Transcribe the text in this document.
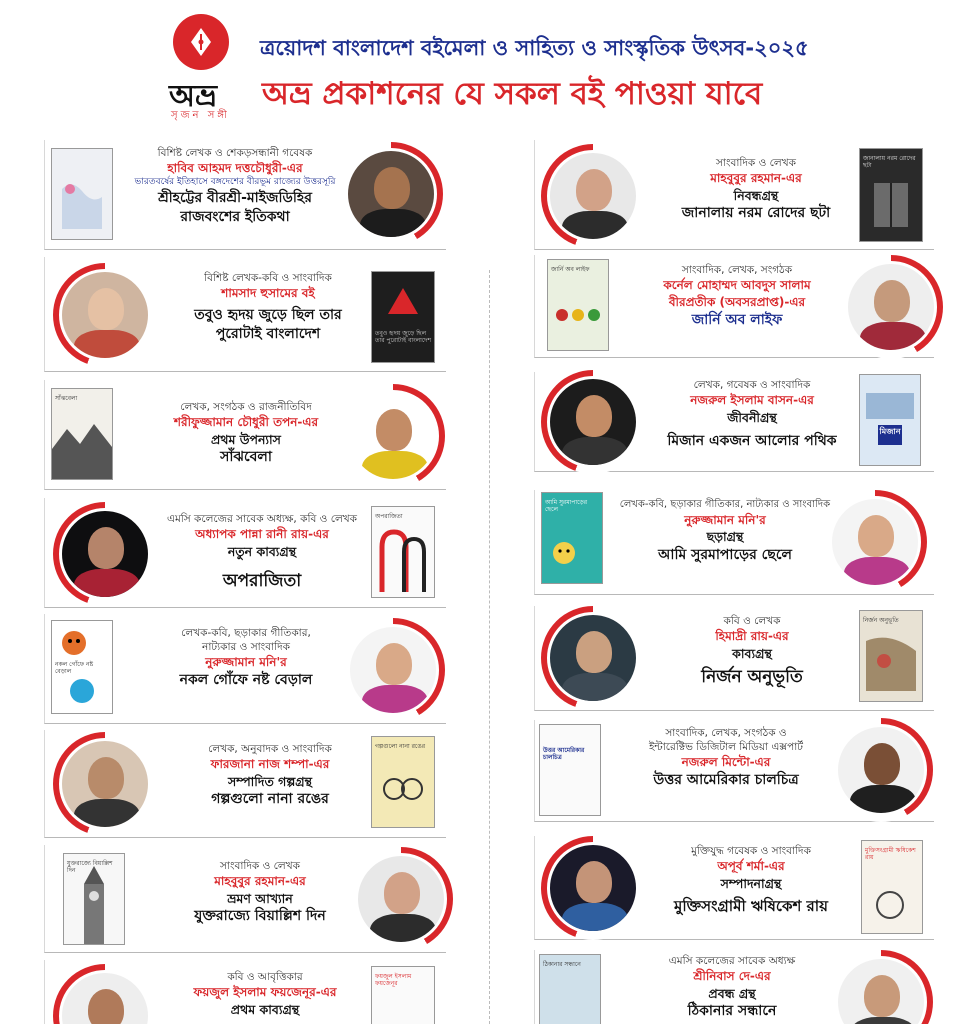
অভ্র
সৃজন সঙ্গী
ত্রয়োদশ বাংলাদেশ বইমেলা ও সাহিত্য ও সাংস্কৃতিক উৎসব-২০২৫
অভ্র প্রকাশনের যে সকল বই পাওয়া যাবে
বিশিষ্ট লেখক ও শেকড়সন্ধানী গবেষক
হাবিব আহমদ দত্তচৌধুরী-এর
ভারতবর্ষের ইতিহাসে বঙ্গদেশের বীরভূম রাজ্যের উত্তরসূরি
শ্রীহট্টের বীরশ্রী-মাইজডিহির
রাজবংশের ইতিকথা
বিশিষ্ট লেখক-কবি ও সাংবাদিক
শামসাদ হুসামের বই
তবুও হৃদয় জুড়ে ছিল তার
পুরোটাই বাংলাদেশ	তবুও হৃদয় জুড়ে ছিল তার পুরোটাই বাংলাদেশ
সাঁঝবেলা
লেখক, সংগঠক ও রাজনীতিবিদ
শরীফুজ্জামান চৌধুরী তপন-এর
প্রথম উপন্যাস
সাঁঝবেলা
এমসি কলেজের সাবেক অধ্যক্ষ, কবি ও লেখক
অধ্যাপক পান্না রানী রায়-এর
নতুন কাব্যগ্রন্থ
অপরাজিতা
অপরাজিতা
নকল গোঁফে নষ্ট বেড়াল
লেখক-কবি, ছড়াকার গীতিকার,
নাট্যকার ও সাংবাদিক
নুরুজ্জামান মনি'র
নকল গোঁফে নষ্ট বেড়াল
লেখক, অনুবাদক ও সাংবাদিক
ফারজানা নাজ শম্পা-এর
সম্পাদিত গল্পগ্রন্থ
গল্পগুলো নানা রঙের
গল্পগুলো নানা রঙের
যুক্তরাজ্যে বিয়াল্লিশ দিন	সাংবাদিক ও লেখক
মাহবুবুর রহমান-এর
ভ্রমণ আখ্যান
যুক্তরাজ্যে বিয়াল্লিশ দিন
কবি ও আবৃত্তিকার
ফয়জুল ইসলাম ফয়জেনূর-এর
প্রথম কাব্যগ্রন্থ
ফয়জুল ইসলাম ফয়জেনূর
সাংবাদিক ও লেখক
মাহবুবুর রহমান-এর
নিবন্ধগ্রন্থ
জানালায় নরম রোদের ছটা
জানালায় নরম রোদের ছটা
জার্নি অব লাইফ	সাংবাদিক, লেখক, সংগঠক
কর্নেল মোহাম্মদ আবদুস সালাম
বীরপ্রতীক (অবসরপ্রাপ্ত)-এর
জার্নি অব লাইফ
লেখক, গবেষক ও সাংবাদিক
নজরুল ইসলাম বাসন-এর
জীবনীগ্রন্থ
মিজান একজন আলোর পথিক
মিজান
আমি সুরমাপাড়ের ছেলে	লেখক-কবি, ছড়াকার গীতিকার, নাট্যকার ও সাংবাদিক
নুরুজ্জামান মনি'র
ছড়াগ্রন্থ
আমি সুরমাপাড়ের ছেলে
কবি ও লেখক
হিমাদ্রী রায়-এর
কাব্যগ্রন্থ
নির্জন অনুভূতি
নির্জন অনুভূতি
উত্তর আমেরিকার চালচিত্র
সাংবাদিক, লেখক, সংগঠক ও
ইন্টারেক্টিভ ডিজিটাল মিডিয়া এক্সপার্ট
নজরুল মিন্টো-এর
উত্তর আমেরিকার চালচিত্র
মুক্তিযুদ্ধ গবেষক ও সাংবাদিক
অপূর্ব শর্মা-এর
সম্পাদনাগ্রন্থ
মুক্তিসংগ্রামী ঋষিকেশ রায়
মুক্তিসংগ্রামী ঋষিকেশ রায়
ঠিকানার সন্ধানে	এমসি কলেজের সাবেক অধ্যক্ষ
শ্রীনিবাস দে-এর
প্রবন্ধ গ্রন্থ
ঠিকানার সন্ধানে
